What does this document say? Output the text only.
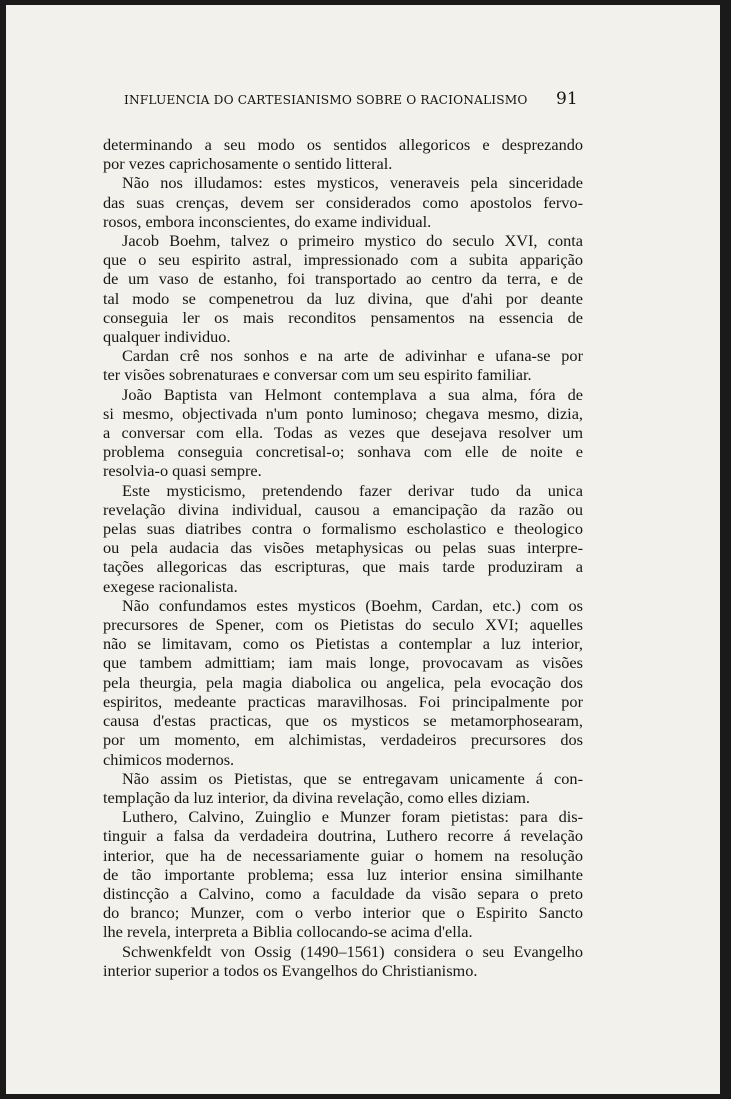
INFLUENCIA DO CARTESIANISMO SOBRE O RACIONALISMO	91
determinando a seu modo os sentidos allegoricos e desprezando
por vezes caprichosamente o sentido litteral.
Não nos illudamos: estes mysticos, veneraveis pela sinceridade
das suas crenças, devem ser considerados como apostolos fervo-
rosos, embora inconscientes, do exame individual.
Jacob Boehm, talvez o primeiro mystico do seculo XVI, conta
que o seu espirito astral, impressionado com a subita apparição
de um vaso de estanho, foi transportado ao centro da terra, e de
tal modo se compenetrou da luz divina, que d'ahi por deante
conseguia ler os mais reconditos pensamentos na essencia de
qualquer individuo.
Cardan crê nos sonhos e na arte de adivinhar e ufana-se por
ter visões sobrenaturaes e conversar com um seu espirito familiar.
João Baptista van Helmont contemplava a sua alma, fóra de
si mesmo, objectivada n'um ponto luminoso; chegava mesmo, dizia,
a conversar com ella. Todas as vezes que desejava resolver um
problema conseguia concretisal-o; sonhava com elle de noite e
resolvia-o quasi sempre.
Este mysticismo, pretendendo fazer derivar tudo da unica
revelação divina individual, causou a emancipação da razão ou
pelas suas diatribes contra o formalismo escholastico e theologico
ou pela audacia das visões metaphysicas ou pelas suas interpre-
tações allegoricas das escripturas, que mais tarde produziram a
exegese racionalista.
Não confundamos estes mysticos (Boehm, Cardan, etc.) com os
precursores de Spener, com os Pietistas do seculo XVI; aquelles
não se limitavam, como os Pietistas a contemplar a luz interior,
que tambem admittiam; iam mais longe, provocavam as visões
pela theurgia, pela magia diabolica ou angelica, pela evocação dos
espiritos, medeante practicas maravilhosas. Foi principalmente por
causa d'estas practicas, que os mysticos se metamorphosearam,
por um momento, em alchimistas, verdadeiros precursores dos
chimicos modernos.
Não assim os Pietistas, que se entregavam unicamente á con-
templação da luz interior, da divina revelação, como elles diziam.
Luthero, Calvino, Zuinglio e Munzer foram pietistas: para dis-
tinguir a falsa da verdadeira doutrina, Luthero recorre á revelação
interior, que ha de necessariamente guiar o homem na resolução
de tão importante problema; essa luz interior ensina similhante
distincção a Calvino, como a faculdade da visão separa o preto
do branco; Munzer, com o verbo interior que o Espirito Sancto
lhe revela, interpreta a Biblia collocando-se acima d'ella.
Schwenkfeldt von Ossig (1490–1561) considera o seu Evangelho
interior superior a todos os Evangelhos do Christianismo.
